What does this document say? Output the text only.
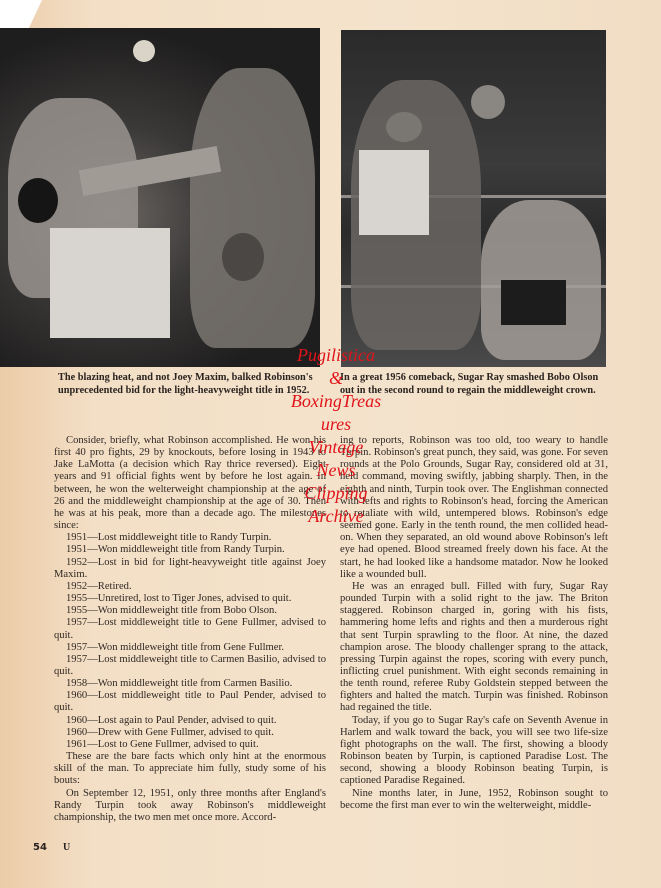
The blazing heat, and not Joey Maxim, balked Robinson's
unprecedented bid for the light-heavyweight title in 1952.
In a great 1956 comeback, Sugar Ray smashed Bobo Olson
out in the second round to regain the middleweight crown.

Consider, briefly, what Robinson accomplished. He won his first 40 pro fights, 29 by knockouts, before losing in 1943 to Jake LaMotta (a decision which Ray thrice reversed). Eight years and 91 official fights went by before he lost again. In between, he won the welterweight championship at the age of 26 and the middleweight championship at the age of 30. Then he was at his peak, more than a decade ago. The milestones since:

1951—Lost middleweight title to Randy Turpin.

1951—Won middleweight title from Randy Turpin.

1952—Lost in bid for light-heavyweight title against Joey Maxim.

1952—Retired.

1955—Unretired, lost to Tiger Jones, advised to quit.

1955—Won middleweight title from Bobo Olson.

1957—Lost middleweight title to Gene Fullmer, advised to quit.

1957—Won middleweight title from Gene Fullmer.

1957—Lost middleweight title to Carmen Basilio, advised to quit.

1958—Won middleweight title from Carmen Basilio.

1960—Lost middleweight title to Paul Pender, advised to quit.

1960—Lost again to Paul Pender, advised to quit.

1960—Drew with Gene Fullmer, advised to quit.

1961—Lost to Gene Fullmer, advised to quit.

These are the bare facts which only hint at the enormous skill of the man. To appreciate him fully, study some of his bouts:

On September 12, 1951, only three months after England's Randy Turpin took away Robinson's middleweight championship, the two men met once more. Accord-

ing to reports, Robinson was too old, too weary to handle Turpin. Robinson's great punch, they said, was gone. For seven rounds at the Polo Grounds, Sugar Ray, considered old at 31, held command, moving swiftly, jabbing sharply. Then, in the eighth and ninth, Turpin took over. The Englishman connected with lefts and rights to Robinson's head, forcing the American to retaliate with wild, untempered blows. Robinson's edge seemed gone. Early in the tenth round, the men collided head-on. When they separated, an old wound above Robinson's left eye had opened. Blood streamed freely down his face. At the start, he had looked like a handsome matador. Now he looked like a wounded bull.

He was an enraged bull. Filled with fury, Sugar Ray pounded Turpin with a solid right to the jaw. The Briton staggered. Robinson charged in, goring with his fists, hammering home lefts and rights and then a murderous right that sent Turpin sprawling to the floor. At nine, the dazed champion arose. The bloody challenger sprang to the attack, pressing Turpin against the ropes, scoring with every punch, inflicting cruel punishment. With eight seconds remaining in the tenth round, referee Ruby Goldstein stepped between the fighters and halted the match. Turpin was finished. Robinson had regained the title.

Today, if you go to Sugar Ray's cafe on Seventh Avenue in Harlem and walk toward the back, you will see two life-size fight photographs on the wall. The first, showing a bloody Robinson beaten by Turpin, is captioned Paradise Lost. The second, showing a bloody Robinson beating Turpin, is captioned Paradise Regained.

Nine months later, in June, 1952, Robinson sought to become the first man ever to win the welterweight, middle-

54 U
Pugilistica
&
BoxingTreas
ures
Vintage
News
Clipping
Archive
